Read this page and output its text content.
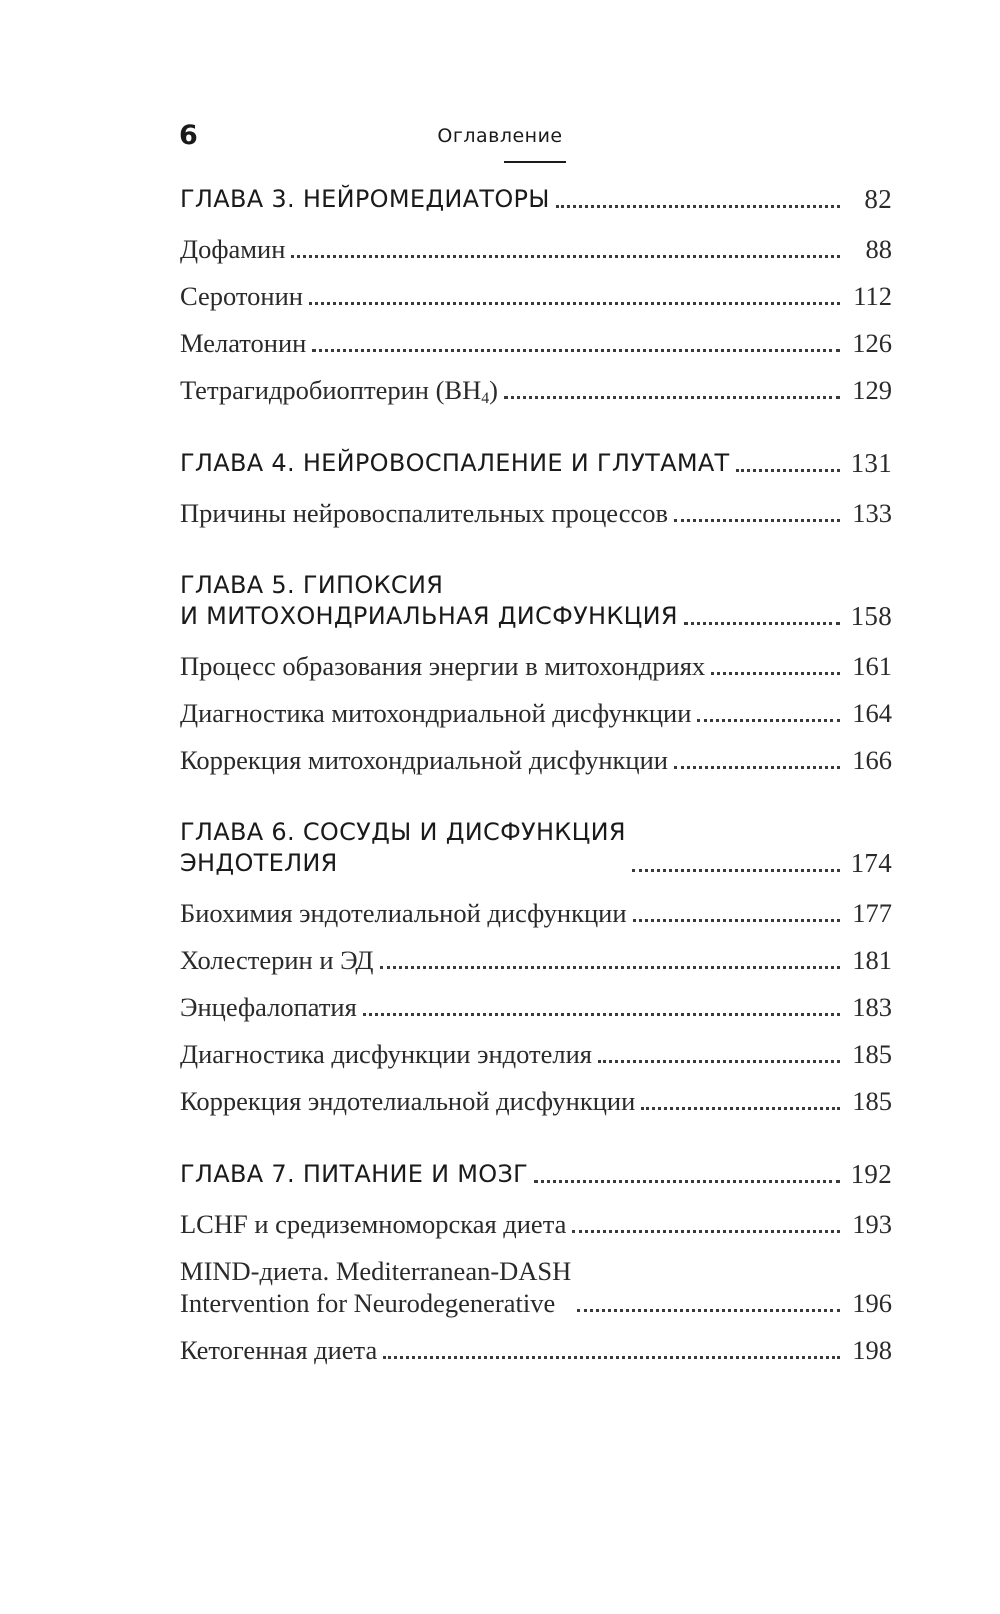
6	Оглавление
ГЛАВА 3. НЕЙРОМЕДИАТОРЫ	82
Дофамин	88
Серотонин	112
Мелатонин	126
Тетрагидробиоптерин $(BH_4)$	129
ГЛАВА 4. НЕЙРОВОСПАЛЕНИЕ И ГЛУТАМАТ	131
Причины нейровоспалительных процессов	133
ГЛАВА 5. ГИПОКСИЯ
И МИТОХОНДРИАЛЬНАЯ ДИСФУНКЦИЯ	158
Процесс образования энергии в митохондриях	161
Диагностика митохондриальной дисфункции	164
Коррекция митохондриальной дисфункции	166
ГЛАВА 6. СОСУДЫ И ДИСФУНКЦИЯ
ЭНДОТЕЛИЯ	174
Биохимия эндотелиальной дисфункции	177
Холестерин и ЭД	181
Энцефалопатия	183
Диагностика дисфункции эндотелия	185
Коррекция эндотелиальной дисфункции	185
ГЛАВА 7. ПИТАНИЕ И МОЗГ	192
LCHF и средиземноморская диета	193
MIND-диета. Mediterranean-DASH
Intervention for Neurodegenerative	196
Кетогенная диета	198
